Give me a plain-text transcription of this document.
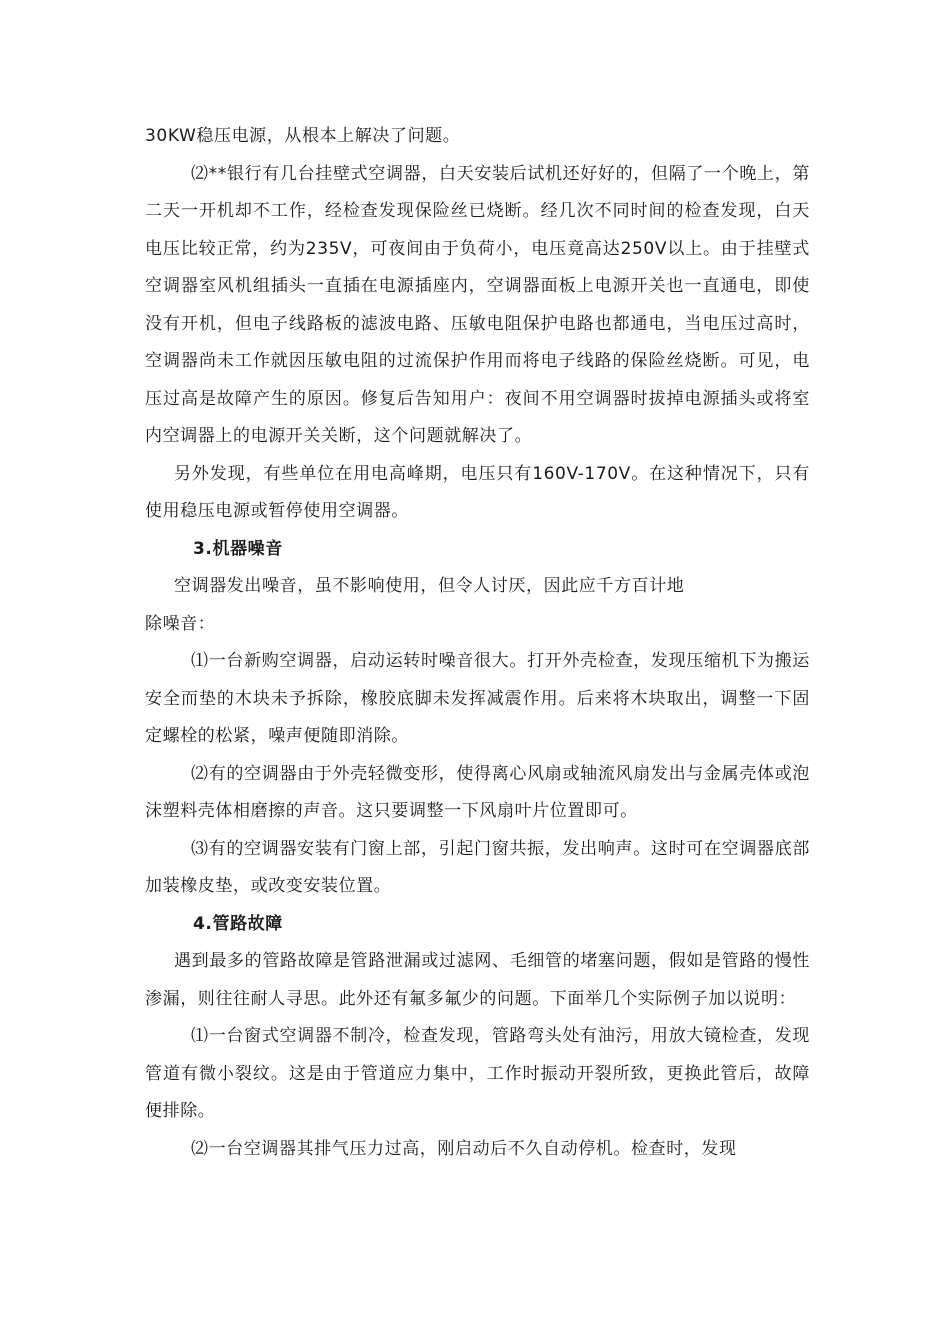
30KW稳压电源，从根本上解决了问题。

⑵**银行有几台挂壁式空调器，白天安装后试机还好好的，但隔了一个晚上，第二天一开机却不工作，经检查发现保险丝已烧断。经几次不同时间的检查发现，白天电压比较正常，约为235V，可夜间由于负荷小，电压竟高达250V以上。由于挂壁式空调器室风机组插头一直插在电源插座内，空调器面板上电源开关也一直通电，即使没有开机，但电子线路板的滤波电路、压敏电阻保护电路也都通电，当电压过高时，空调器尚未工作就因压敏电阻的过流保护作用而将电子线路的保险丝烧断。可见，电压过高是故障产生的原因。修复后告知用户：夜间不用空调器时拔掉电源插头或将室内空调器上的电源开关关断，这个问题就解决了。

另外发现，有些单位在用电高峰期，电压只有160V-170V。在这种情况下，只有使用稳压电源或暂停使用空调器。

3.机器噪音

空调器发出噪音，虽不影响使用，但令人讨厌，因此应千方百计地

除噪音：

⑴一台新购空调器，启动运转时噪音很大。打开外壳检查，发现压缩机下为搬运安全而垫的木块未予拆除，橡胶底脚未发挥减震作用。后来将木块取出，调整一下固定螺栓的松紧，噪声便随即消除。

⑵有的空调器由于外壳轻微变形，使得离心风扇或轴流风扇发出与金属壳体或泡沫塑料壳体相磨擦的声音。这只要调整一下风扇叶片位置即可。

⑶有的空调器安装有门窗上部，引起门窗共振，发出响声。这时可在空调器底部加装橡皮垫，或改变安装位置。

4.管路故障

遇到最多的管路故障是管路泄漏或过滤网、毛细管的堵塞问题，假如是管路的慢性渗漏，则往往耐人寻思。此外还有氟多氟少的问题。下面举几个实际例子加以说明：

⑴一台窗式空调器不制冷，检查发现，管路弯头处有油污，用放大镜检查，发现管道有微小裂纹。这是由于管道应力集中，工作时振动开裂所致，更换此管后，故障便排除。

⑵一台空调器其排气压力过高，刚启动后不久自动停机。检查时，发现
